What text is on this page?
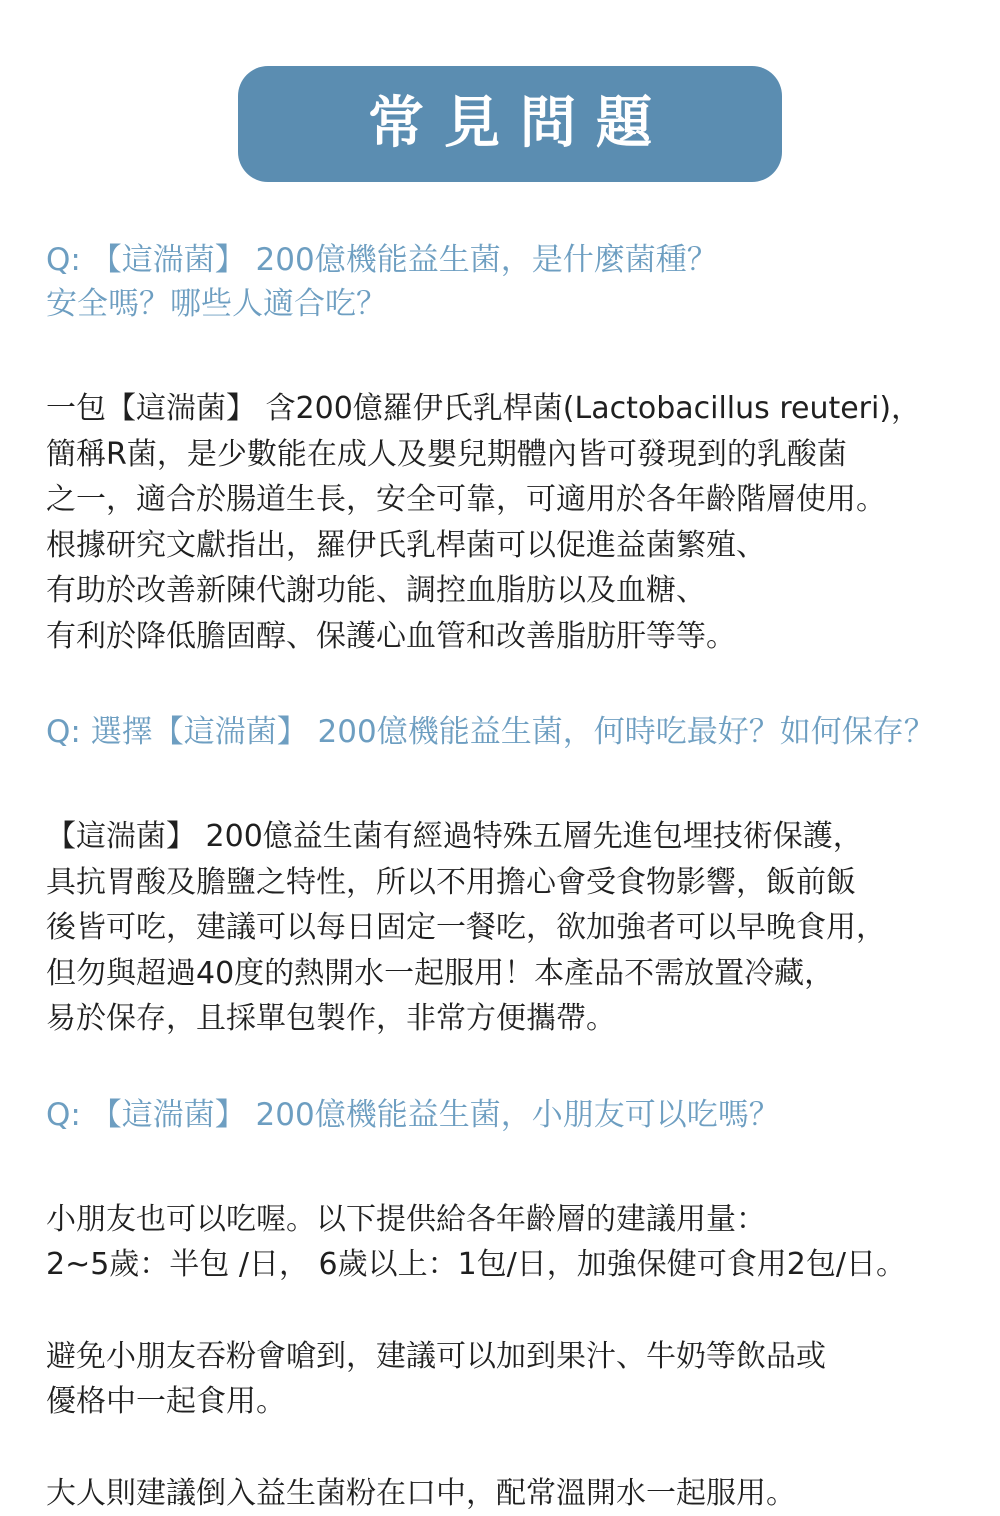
常見問題
Q: 【這湍菌】 200億機能益生菌，是什麼菌種？
安全嗎？哪些人適合吃？
一包【這湍菌】 含200億羅伊氏乳桿菌(Lactobacillus reuteri)，
簡稱R菌，是少數能在成人及嬰兒期體內皆可發現到的乳酸菌
之一，適合於腸道生長，安全可靠，可適用於各年齡階層使用。
根據研究文獻指出，羅伊氏乳桿菌可以促進益菌繁殖、
有助於改善新陳代謝功能、調控血脂肪以及血糖、
有利於降低膽固醇、保護心血管和改善脂肪肝等等。
Q: 選擇【這湍菌】 200億機能益生菌，何時吃最好？如何保存？
【這湍菌】 200億益生菌有經過特殊五層先進包埋技術保護，
具抗胃酸及膽鹽之特性，所以不用擔心會受食物影響，飯前飯
後皆可吃，建議可以每日固定一餐吃，欲加強者可以早晚食用，
但勿與超過40度的熱開水一起服用！本產品不需放置冷藏，
易於保存，且採單包製作，非常方便攜帶。
Q: 【這湍菌】 200億機能益生菌，小朋友可以吃嗎？
小朋友也可以吃喔。以下提供給各年齡層的建議用量：
2~5歲：半包 /日， 6歲以上：1包/日，加強保健可食用2包/日。
避免小朋友吞粉會嗆到，建議可以加到果汁、牛奶等飲品或
優格中一起食用。
大人則建議倒入益生菌粉在口中，配常溫開水一起服用。
